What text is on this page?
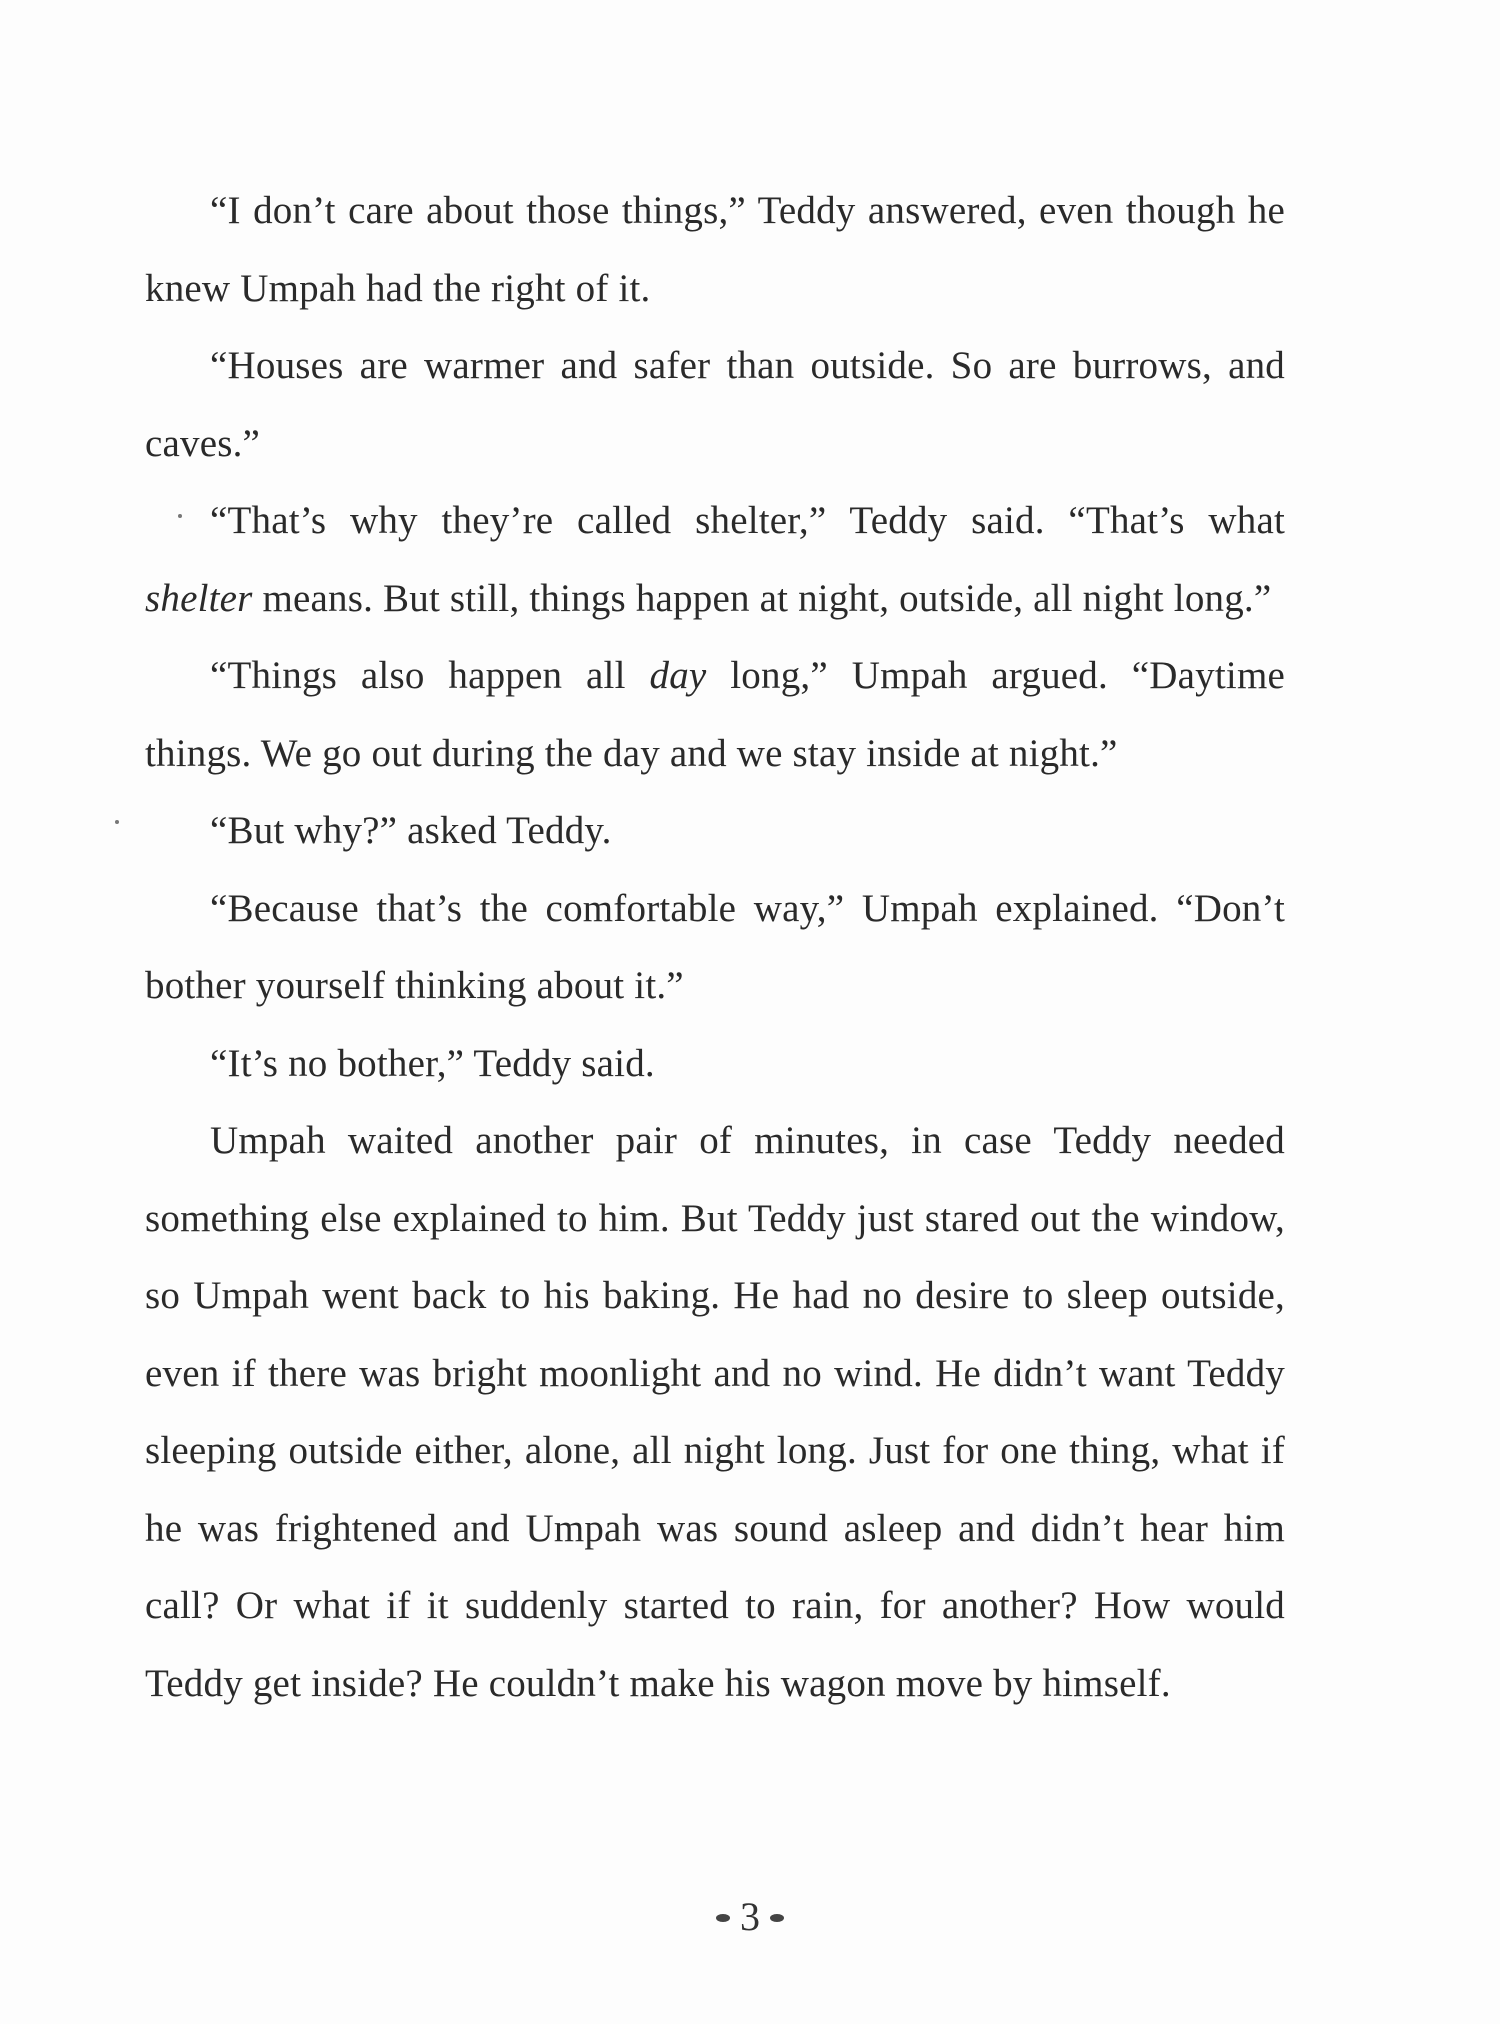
“I don’t care about those things,” Teddy answered, even though he knew Umpah had the right of it.

“Houses are warmer and safer than outside. So are burrows, and caves.”

“That’s why they’re called shelter,” Teddy said. “That’s what shelter means. But still, things happen at night, outside, all night long.”

“Things also happen all day long,” Umpah argued. “Daytime things. We go out during the day and we stay inside at night.”

“But why?” asked Teddy.

“Because that’s the comfortable way,” Umpah explained. “Don’t bother yourself thinking about it.”

“It’s no bother,” Teddy said.

Umpah waited another pair of minutes, in case Teddy needed something else explained to him. But Teddy just stared out the window, so Umpah went back to his baking. He had no desire to sleep outside, even if there was bright moonlight and no wind. He didn’t want Teddy sleeping outside either, alone, all night long. Just for one thing, what if he was frightened and Umpah was sound asleep and didn’t hear him call? Or what if it suddenly started to rain, for another? How would Teddy get inside? He couldn’t make his wagon move by himself.

3
